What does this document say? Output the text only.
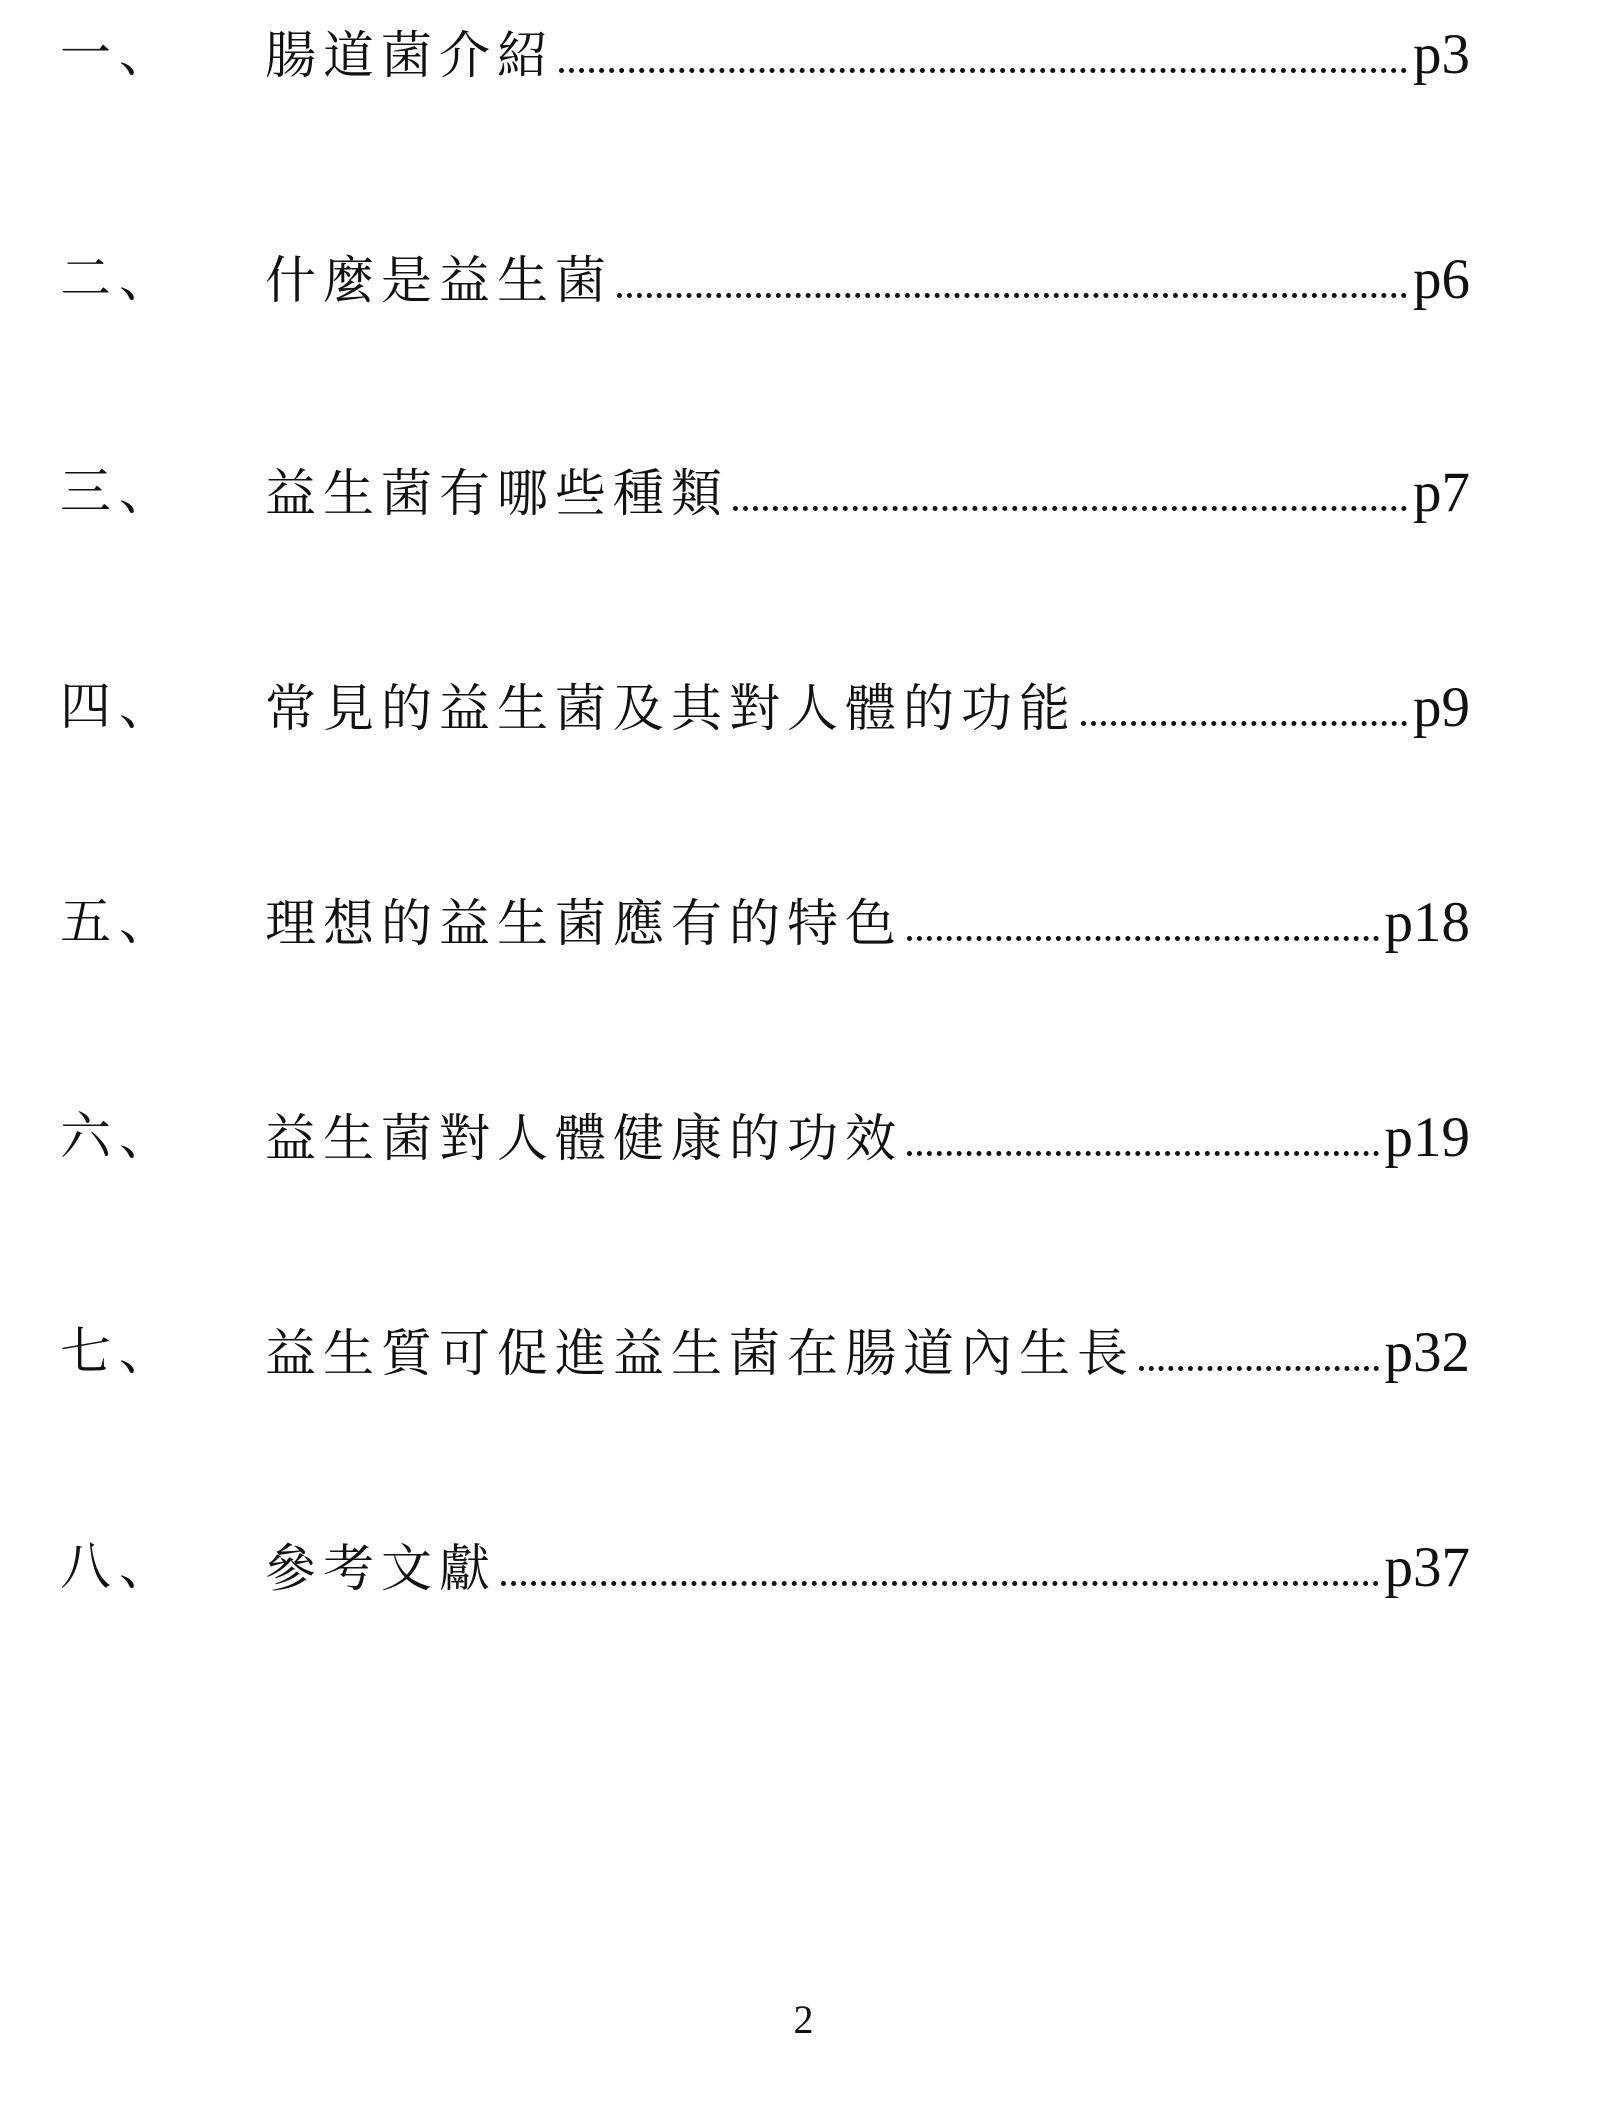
一、 腸道菌介紹	p3
二、 什麼是益生菌	p6
三、 益生菌有哪些種類	p7
四、 常見的益生菌及其對人體的功能	p9
五、 理想的益生菌應有的特色	p18
六、 益生菌對人體健康的功效	p19
七、 益生質可促進益生菌在腸道內生長	p32
八、 參考文獻	p37
2
